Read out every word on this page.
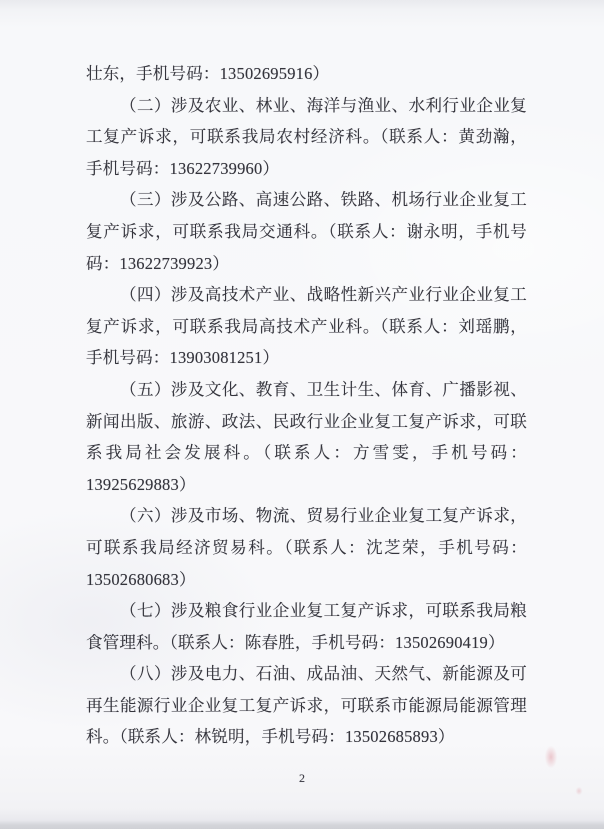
壮东，手机号码：13502695916）
（二）涉及农业、林业、海洋与渔业、水利行业企业复
工复产诉求，可联系我局农村经济科。（联系人：黄劲瀚，
手机号码：13622739960）
（三）涉及公路、高速公路、铁路、机场行业企业复工
复产诉求，可联系我局交通科。（联系人：谢永明，手机号
码：13622739923）
（四）涉及高技术产业、战略性新兴产业行业企业复工
复产诉求，可联系我局高技术产业科。（联系人：刘瑶鹏，
手机号码：13903081251）
（五）涉及文化、教育、卫生计生、体育、广播影视、
新闻出版、旅游、政法、民政行业企业复工复产诉求，可联
系我局社会发展科。（联系人：方雪雯，手机号码：
13925629883）
（六）涉及市场、物流、贸易行业企业复工复产诉求，
可联系我局经济贸易科。（联系人：沈芝荣，手机号码：
13502680683）
（七）涉及粮食行业企业复工复产诉求，可联系我局粮
食管理科。（联系人：陈春胜，手机号码：13502690419）
（八）涉及电力、石油、成品油、天然气、新能源及可
再生能源行业企业复工复产诉求，可联系市能源局能源管理
科。（联系人：林锐明，手机号码：13502685893）
2
